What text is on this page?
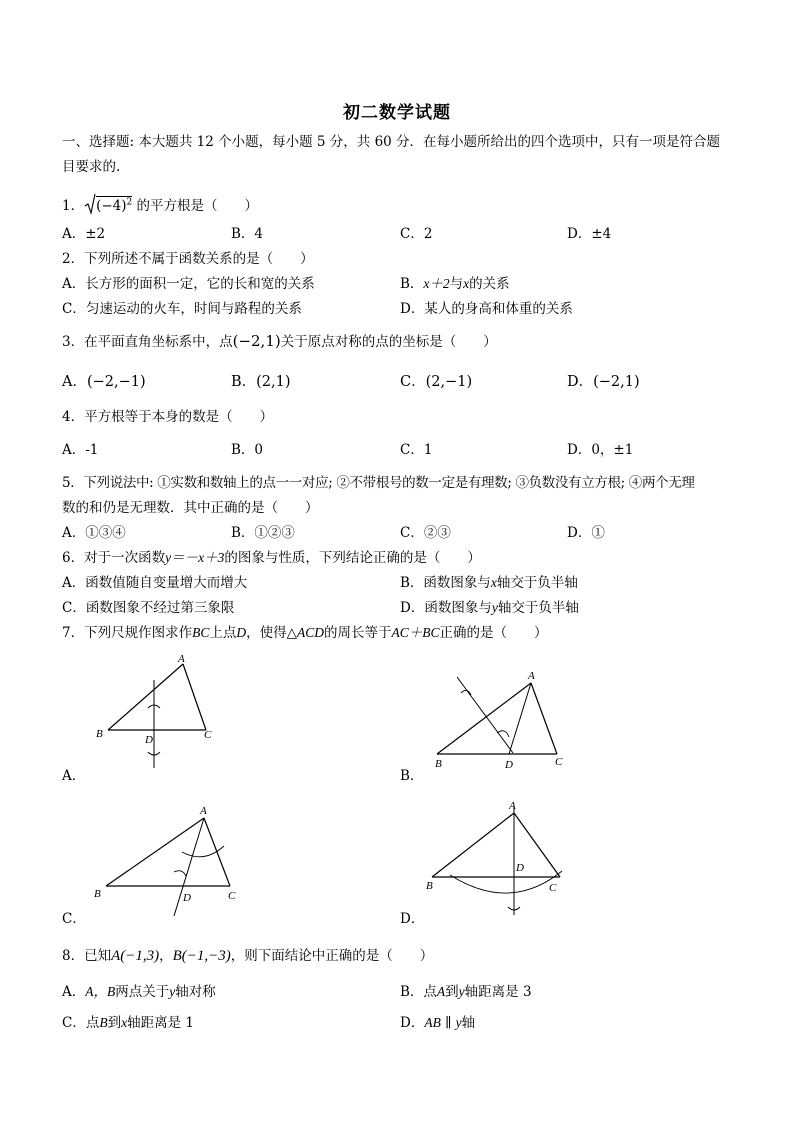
初二数学试题
一、选择题: 本大题共 12 个小题，每小题 5 分，共 60 分．在每小题所给出的四个选项中，只有一项是符合题
目要求的.
1． $(-4)^2$ 的平方根是（　　）
A．±2	B．4	C．2	D．±4
2．下列所述不属于函数关系的是（　　）
A．长方形的面积一定，它的长和宽的关系	B．x＋2与x的关系
C．匀速运动的火车，时间与路程的关系	D．某人的身高和体重的关系
3．在平面直角坐标系中，点(−2,1)关于原点对称的点的坐标是（　　）
A．(−2,−1)	B．(2,1)	C．(2,−1)	D．(−2,1)
4．平方根等于本身的数是（　　）
A．-1	B．0	C．1	D．0，±1
5．下列说法中: ①实数和数轴上的点一一对应; ②不带根号的数一定是有理数; ③负数没有立方根; ④两个无理
数的和仍是无理数．其中正确的是（　　）
A．①③④	B．①②③	C．②③	D．①
6．对于一次函数y＝－x＋3的图象与性质，下列结论正确的是（　　）
A．函数值随自变量增大而增大	B．函数图象与x轴交于负半轴
C．函数图象不经过第三象限	D．函数图象与y轴交于负半轴
7．下列尺规作图求作BC上点D，使得△ACD的周长等于AC＋BC正确的是（　　）
A
B	C
D
A．
A
B	C
D
B．
A
B	C
D
C．
A
B	C
D
D．
8．已知A(−1,3)，B(−1,−3)，则下面结论中正确的是（　　）
A．A，B两点关于y轴对称	B．点A到y轴距离是 3
C．点B到x轴距离是 1	D．AB ∥ y轴
